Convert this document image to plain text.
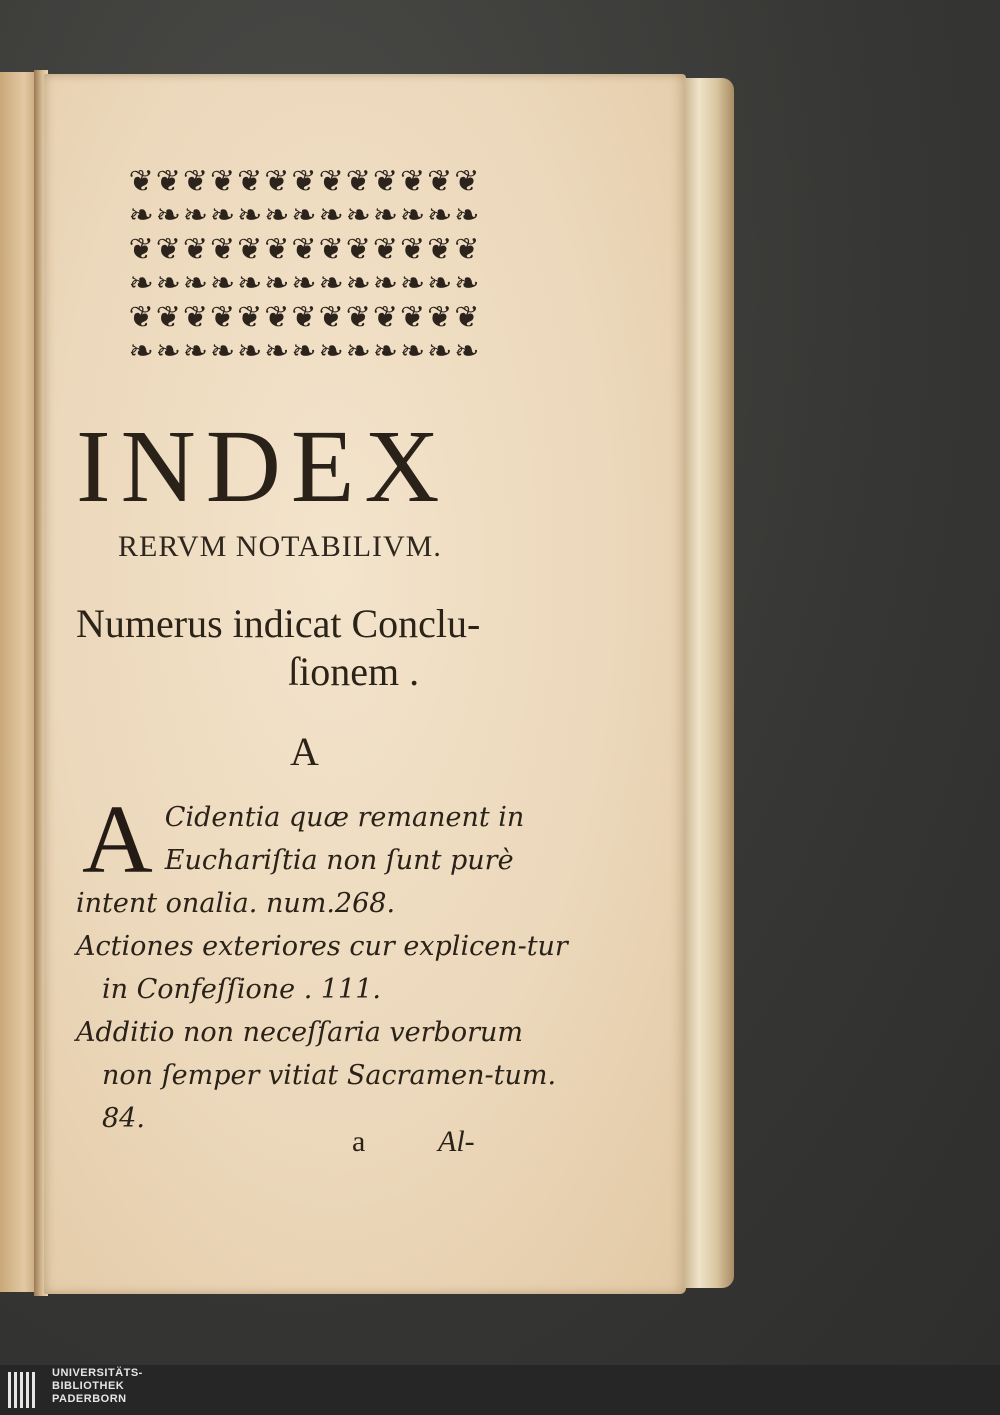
❦❦❦❦❦❦❦❦❦❦❦❦❦
❧❧❧❧❧❧❧❧❧❧❧❧❧
❦❦❦❦❦❦❦❦❦❦❦❦❦
❧❧❧❧❧❧❧❧❧❧❧❧❧
❦❦❦❦❦❦❦❦❦❦❦❦❦
❧❧❧❧❧❧❧❧❧❧❧❧❧
INDEX
RERVM NOTABILIVM.
Numerus indicat Conclu-
ſionem .
A
A Cidentia quæ remanent in Euchariſtia non ſunt purè intent onalia. num.268.
Actiones exteriores cur explicen-tur in Confeſſione . 111.
Additio non neceſſaria verborum non ſemper vitiat Sacramen-tum. 84.
a Al-
UNIVERSITÄTS-
BIBLIOTHEK
PADERBORN
